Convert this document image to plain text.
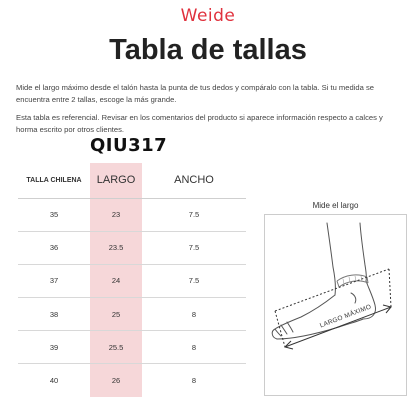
Weide
Tabla de tallas

Mide el largo máximo desde el talón hasta la punta de tus dedos y compáralo con la tabla. Si tu medida se encuentra entre 2 tallas, escoge la más grande.

Esta tabla es referencial. Revisar en los comentarios del producto si aparece información respecto a calces y horma escrito por otros clientes.

QIU317
TALLA CHILENA	LARGO	ANCHO
35	23	7.5
36	23.5	7.5
37	24	7.5
38	25	8
39	25.5	8
40	26	8
Mide el largo
LARGO MÁXIMO
